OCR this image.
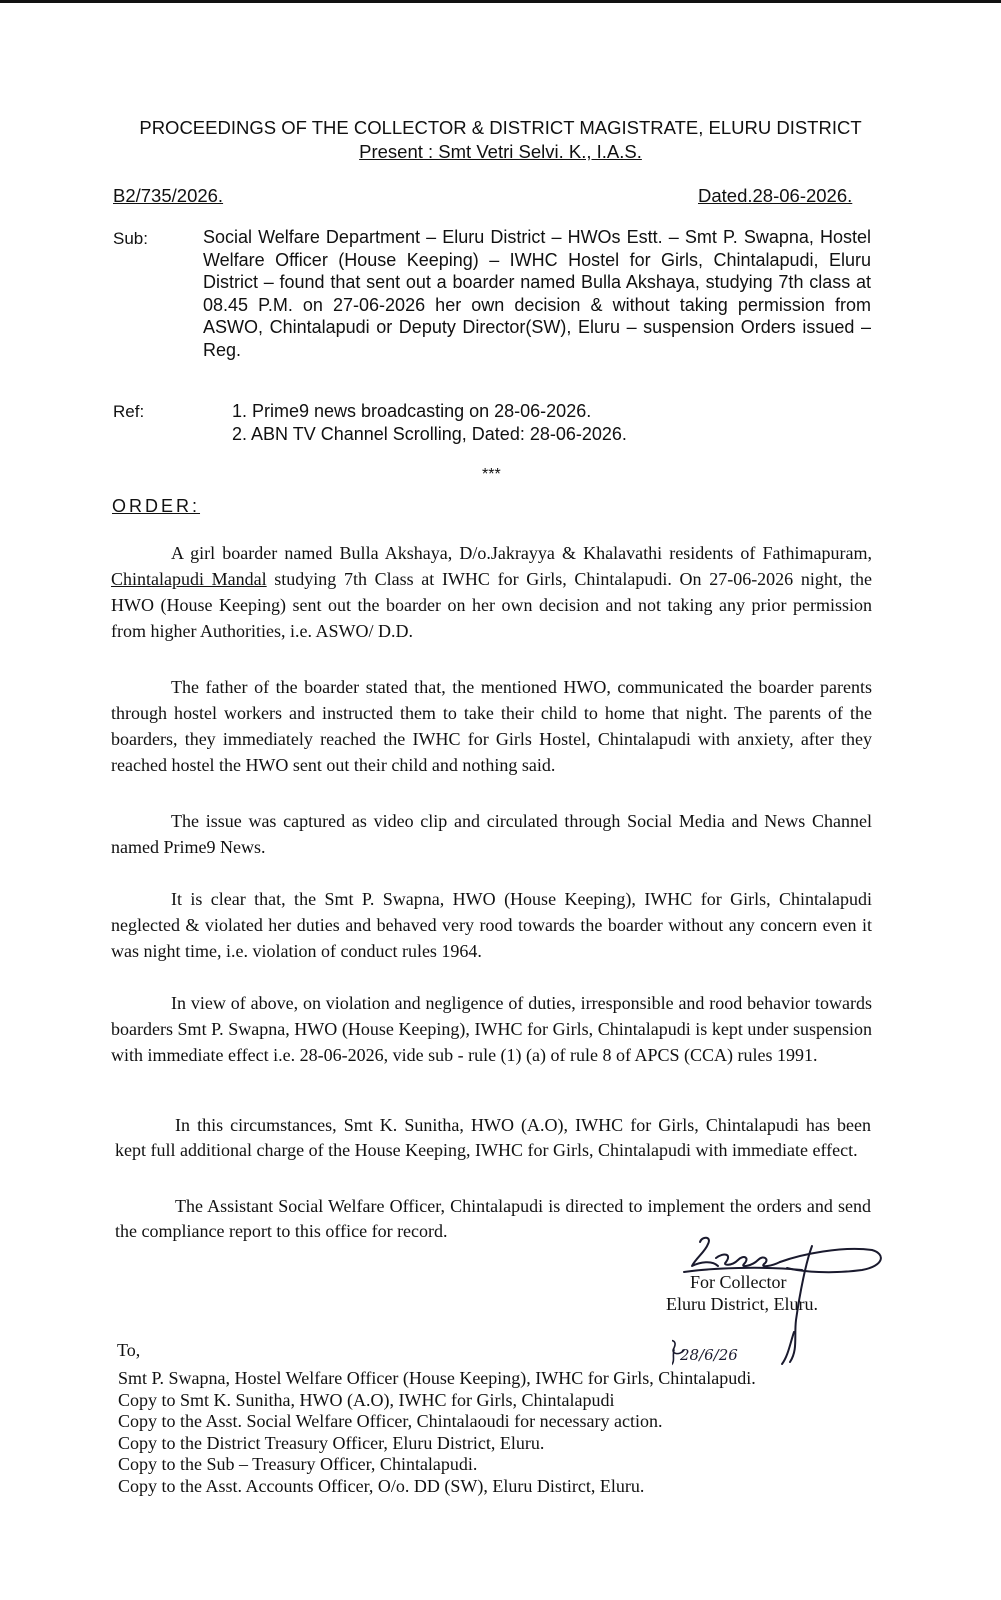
PROCEEDINGS OF THE COLLECTOR & DISTRICT MAGISTRATE, ELURU DISTRICT
Present : Smt Vetri Selvi. K., I.A.S.
B2/735/2026.	Dated.28-06-2026.
Sub:	Social Welfare Department – Eluru District – HWOs Estt. – Smt P. Swapna, Hostel Welfare Officer (House Keeping) – IWHC Hostel for Girls, Chintalapudi, Eluru District – found that sent out a boarder named Bulla Akshaya, studying 7th class at 08.45 P.M. on 27-06-2026 her own decision & without taking permission from ASWO, Chintalapudi or Deputy Director(SW), Eluru – suspension Orders issued – Reg.
Ref:	1. Prime9 news broadcasting on 28-06-2026.
2. ABN TV Channel Scrolling, Dated: 28-06-2026.
***
ORDER:
A girl boarder named Bulla Akshaya, D/o.Jakrayya & Khalavathi residents of Fathimapuram, Chintalapudi Mandal studying 7th Class at IWHC for Girls, Chintalapudi. On 27-06-2026 night, the HWO (House Keeping) sent out the boarder on her own decision and not taking any prior permission from higher Authorities, i.e. ASWO/ D.D.
The father of the boarder stated that, the mentioned HWO, communicated the boarder parents through hostel workers and instructed them to take their child to home that night. The parents of the boarders, they immediately reached the IWHC for Girls Hostel, Chintalapudi with anxiety, after they reached hostel the HWO sent out their child and nothing said.
The issue was captured as video clip and circulated through Social Media and News Channel named Prime9 News.
It is clear that, the Smt P. Swapna, HWO (House Keeping), IWHC for Girls, Chintalapudi neglected & violated her duties and behaved very rood towards the boarder without any concern even it was night time, i.e. violation of conduct rules 1964.
In view of above, on violation and negligence of duties, irresponsible and rood behavior towards boarders Smt P. Swapna, HWO (House Keeping), IWHC for Girls, Chintalapudi is kept under suspension with immediate effect i.e. 28-06-2026, vide sub - rule (1) (a) of rule 8 of APCS (CCA) rules 1991.
In this circumstances, Smt K. Sunitha, HWO (A.O), IWHC for Girls, Chintalapudi has been kept full additional charge of the House Keeping, IWHC for Girls, Chintalapudi with immediate effect.
The Assistant Social Welfare Officer, Chintalapudi is directed to implement the orders and send the compliance report to this office for record.
28/6/26
For Collector
Eluru District, Eluru.
To,
Smt P. Swapna, Hostel Welfare Officer (House Keeping), IWHC for Girls, Chintalapudi.
Copy to Smt K. Sunitha, HWO (A.O), IWHC for Girls, Chintalapudi
Copy to the Asst. Social Welfare Officer, Chintalaoudi for necessary action.
Copy to the District Treasury Officer, Eluru District, Eluru.
Copy to the Sub – Treasury Officer, Chintalapudi.
Copy to the Asst. Accounts Officer, O/o. DD (SW), Eluru Distirct, Eluru.
